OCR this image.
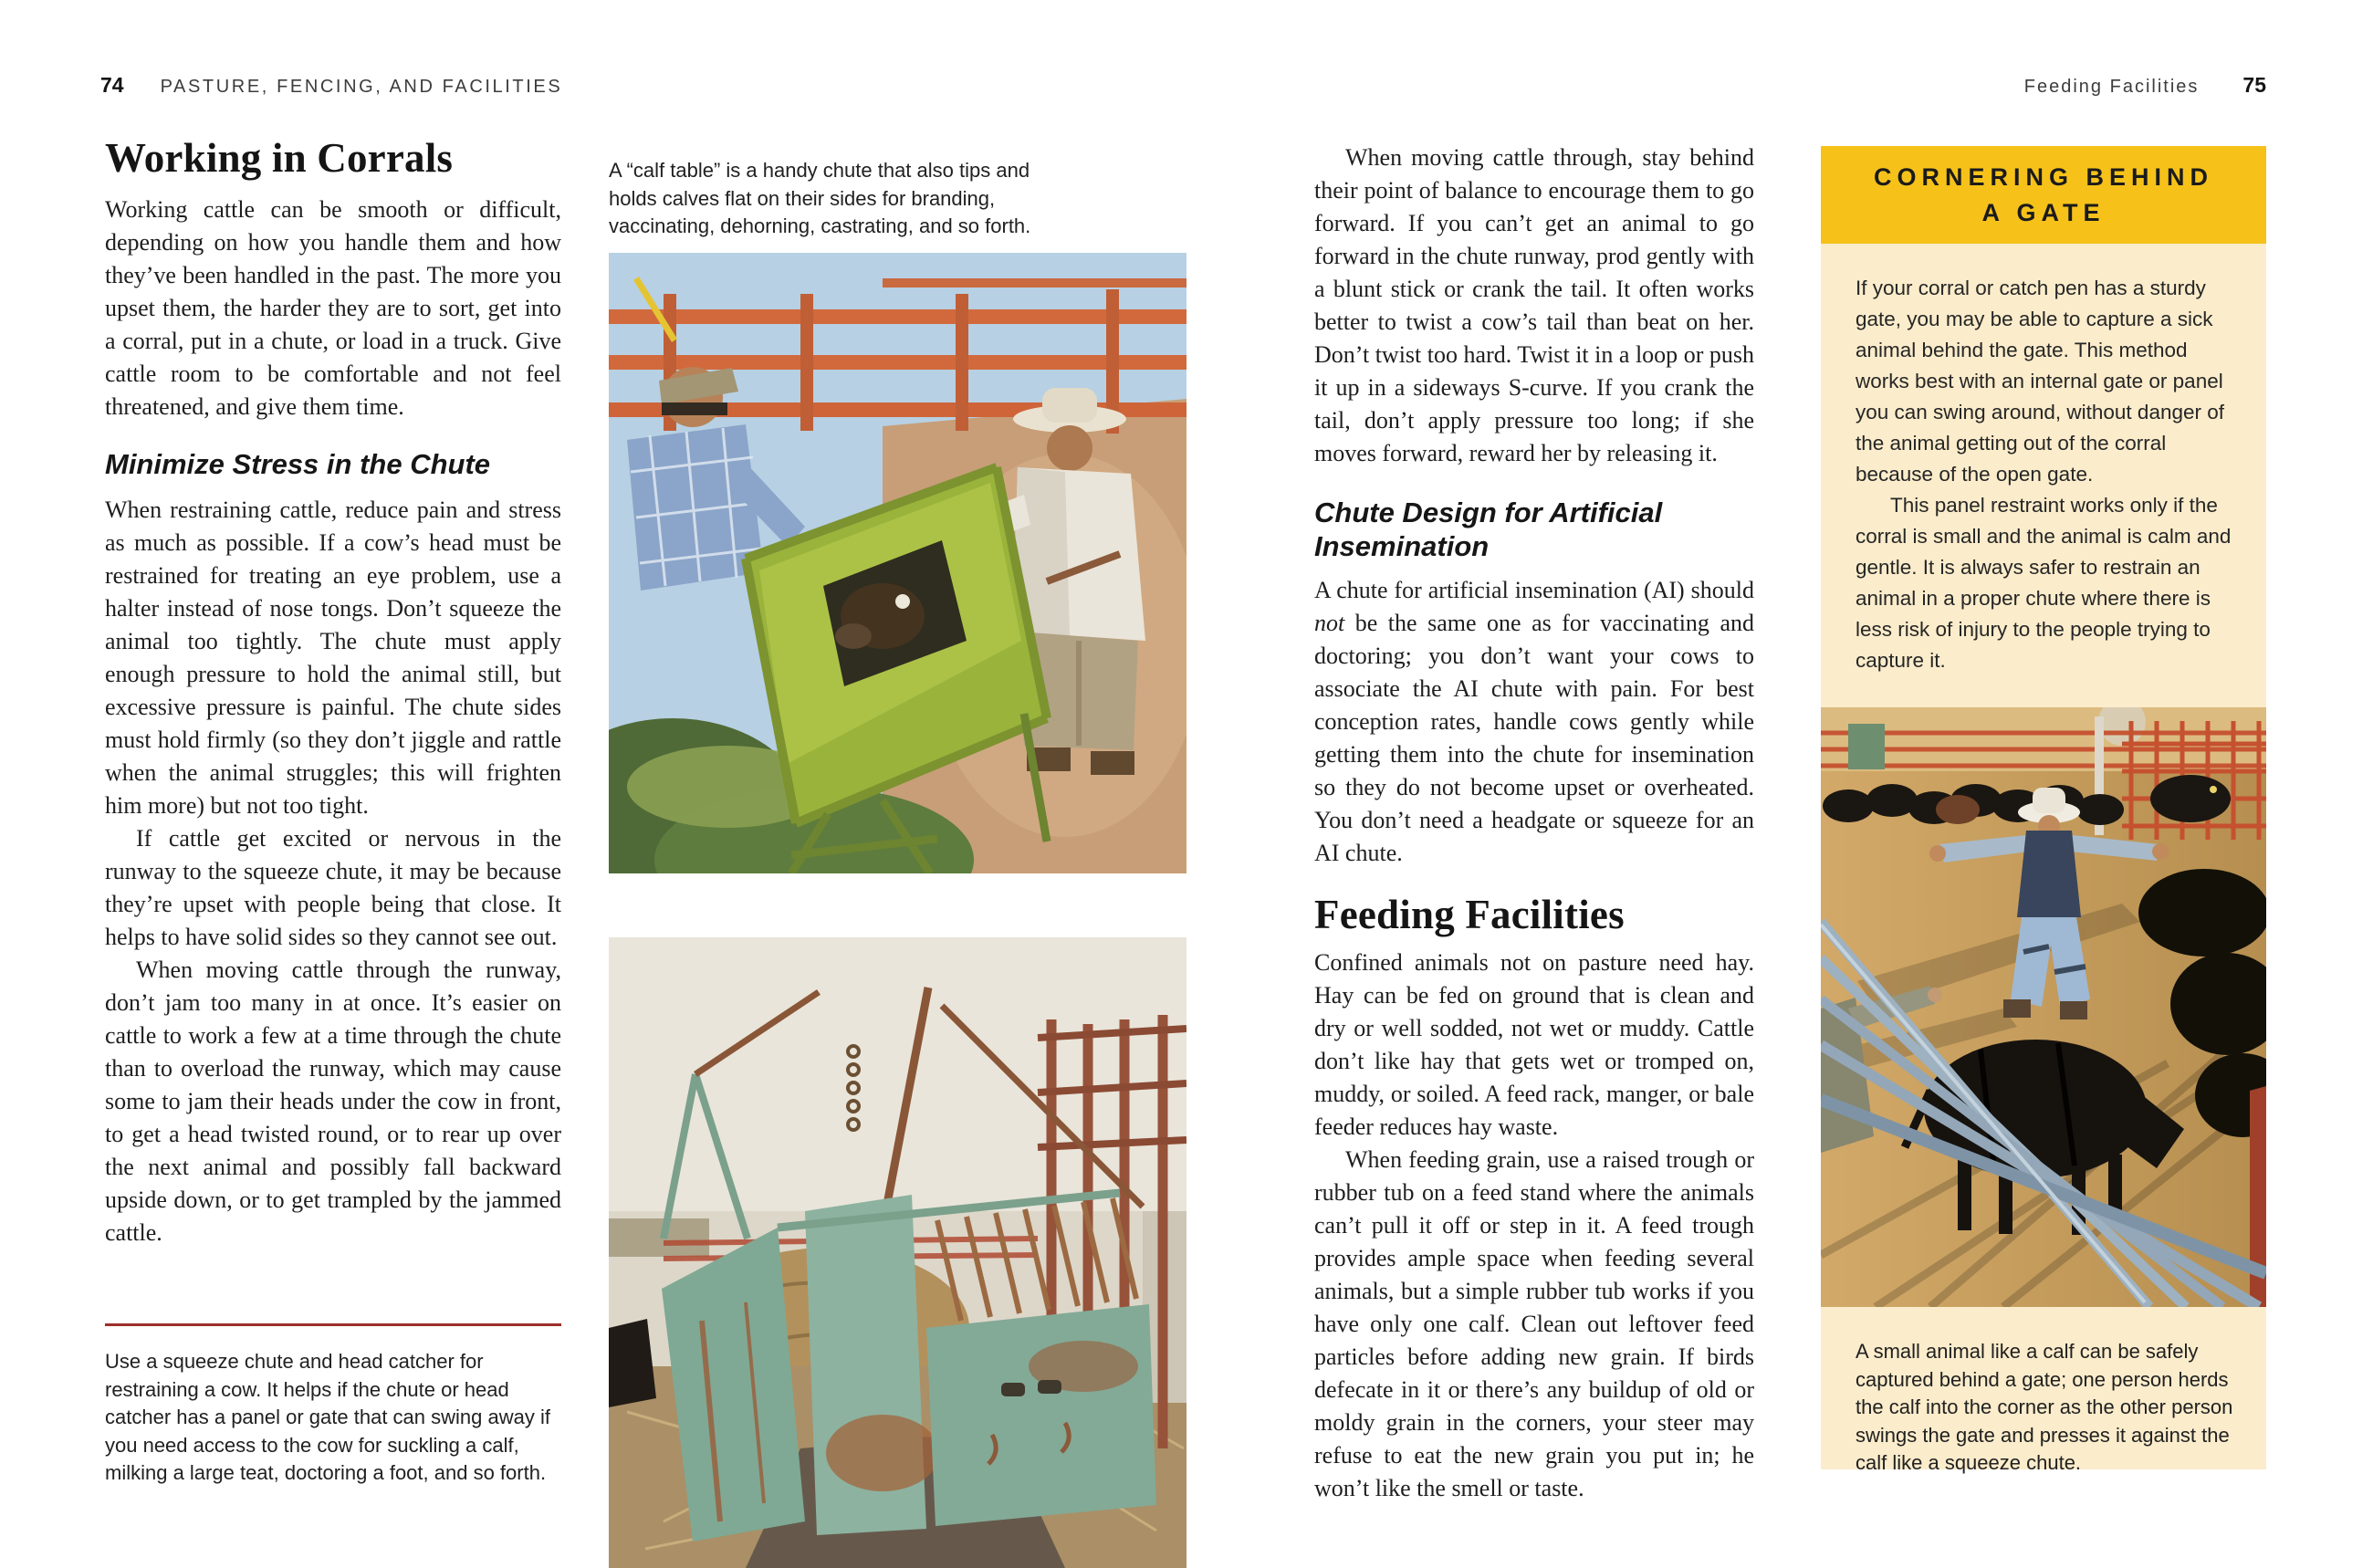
74 PASTURE, FENCING, AND FACILITIES	Feeding Facilities 75
Working in Corrals

Working cattle can be smooth or difficult, depending on how you handle them and how they’ve been handled in the past. The more you upset them, the harder they are to sort, get into a corral, put in a chute, or load in a truck. Give cattle room to be comfortable and not feel threatened, and give them time.

Minimize Stress in the Chute

When restraining cattle, reduce pain and stress as much as possible. If a cow’s head must be restrained for treating an eye problem, use a halter instead of nose tongs. Don’t squeeze the animal too tightly. The chute must apply enough pressure to hold the animal still, but excessive pressure is painful. The chute sides must hold firmly (so they don’t jiggle and rattle when the animal struggles; this will frighten him more) but not too tight.

If cattle get excited or nervous in the runway to the squeeze chute, it may be because they’re upset with people being that close. It helps to have solid sides so they cannot see out.

When moving cattle through the runway, don’t jam too many in at once. It’s easier on cattle to work a few at a time through the chute than to overload the runway, which may cause some to jam their heads under the cow in front, to get a head twisted round, or to rear up over the next animal and possibly fall backward upside down, or to get trampled by the jammed cattle.

Use a squeeze chute and head catcher for restraining a cow. It helps if the chute or head catcher has a panel or gate that can swing away if you need access to the cow for suckling a calf, milking a large teat, doctoring a foot, and so forth.
A “calf table” is a handy chute that also tips and holds calves flat on their sides for branding, vaccinating, dehorning, castrating, and so forth.

When moving cattle through, stay behind their point of balance to encourage them to go forward. If you can’t get an animal to go forward in the chute runway, prod gently with a blunt stick or crank the tail. It often works better to twist a cow’s tail than beat on her. Don’t twist too hard. Twist it in a loop or push it up in a sideways S-curve. If you crank the tail, don’t apply pressure too long; if she moves forward, reward her by releasing it.

Chute Design for Artificial Insemination

A chute for artificial insemination (AI) should not be the same one as for vaccinating and doctoring; you don’t want your cows to associate the AI chute with pain. For best conception rates, handle cows gently while getting them into the chute for insemination so they do not become upset or overheated. You don’t need a headgate or squeeze for an AI chute.

Feeding Facilities

Confined animals not on pasture need hay. Hay can be fed on ground that is clean and dry or well sodded, not wet or muddy. Cattle don’t like hay that gets wet or tromped on, muddy, or soiled. A feed rack, manger, or bale feeder reduces hay waste.

When feeding grain, use a raised trough or rubber tub on a feed stand where the animals can’t pull it off or step in it. A feed trough provides ample space when feeding several animals, but a simple rubber tub works if you have only one calf. Clean out leftover feed particles before adding new grain. If birds defecate in it or there’s any buildup of old or moldy grain in the corners, your steer may refuse to eat the new grain you put in; he won’t like the smell or taste.

CORNERING BEHIND
A GATE

If your corral or catch pen has a sturdy gate, you may be able to capture a sick animal behind the gate. This method works best with an internal gate or panel you can swing around, without danger of the animal getting out of the corral because of the open gate.

This panel restraint works only if the corral is small and the animal is calm and gentle. It is always safer to restrain an animal in a proper chute where there is less risk of injury to the people trying to capture it.

A small animal like a calf can be safely captured behind a gate; one person herds the calf into the corner as the other person swings the gate and presses it against the calf like a squeeze chute.
